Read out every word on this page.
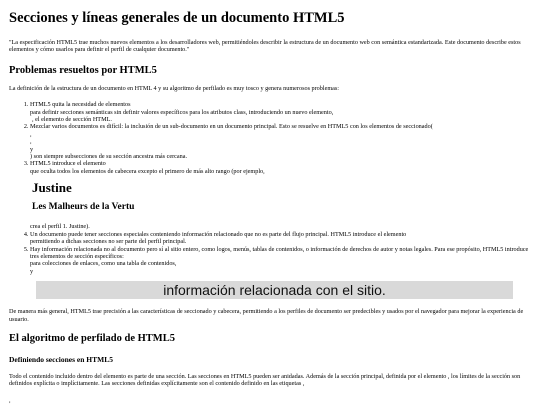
Secciones y líneas generales de un documento HTML5

"La especificación HTML5 trae muchos nuevos elementos a los desarrolladores web, permitiéndoles describir la estructura de un documento web con semántica estandarizada. Este documento describe estos elementos y cómo usarlos para definir el perfil de cualquier documento."

Problemas resueltos por HTML5

La definición de la estructura de un documento en HTML 4 y su algoritmo de perfilado es muy tosco y genera numerosos problemas:

1. HTML5 quita la necesidad de elementos
para definir secciones semánticas sin definir valores específicos para los atributos class, introduciendo un nuevo elemento,
, el elemento de sección HTML.
2. Mezclar varios documentos es difícil: la inclusión de un sub-documento en un documento principal. Esto se resuelve en HTML5 con los elementos de seccionado(
,
,
y
) son siempre subsecciones de su sección ancestra más cercana.
3. HTML5 introduce el elemento
que oculta todos los elementos de cabecera excepto el primero de más alto rango (por ejemplo,
Justine
Les Malheurs de la Vertu
crea el perfil 1. Justine).
4. Un documento puede tener secciones especiales conteniendo información relacionado que no es parte del flujo principal. HTML5 introduce el elemento
permitiendo a dichas secciones no ser parte del perfil principal.
5. Hay información relacionada no al documento pero sí al sitio entero, como logos, menús, tablas de contenidos, o información de derechos de autor y notas legales. Para ese propósito, HTML5 introduce tres elementos de sección específicos:
para colecciones de enlaces, como una tabla de contenidos,
y
información relacionada con el sitio.

De manera más general, HTML5 trae precisión a las características de seccionado y cabecera, permitiendo a los perfiles de documento ser predecibles y usados por el navegador para mejorar la experiencia de usuario.

El algoritmo de perfilado de HTML5
Definiendo secciones en HTML5

Todo el contenido incluido dentro del elemento es parte de una sección. Las secciones en HTML5 pueden ser anidadas. Además de la sección principal, definida por el elemento , los límites de la sección son definidos explícita o implícitamente. Las secciones definidas explícitamente son el contenido definido en las etiquetas ,

,
